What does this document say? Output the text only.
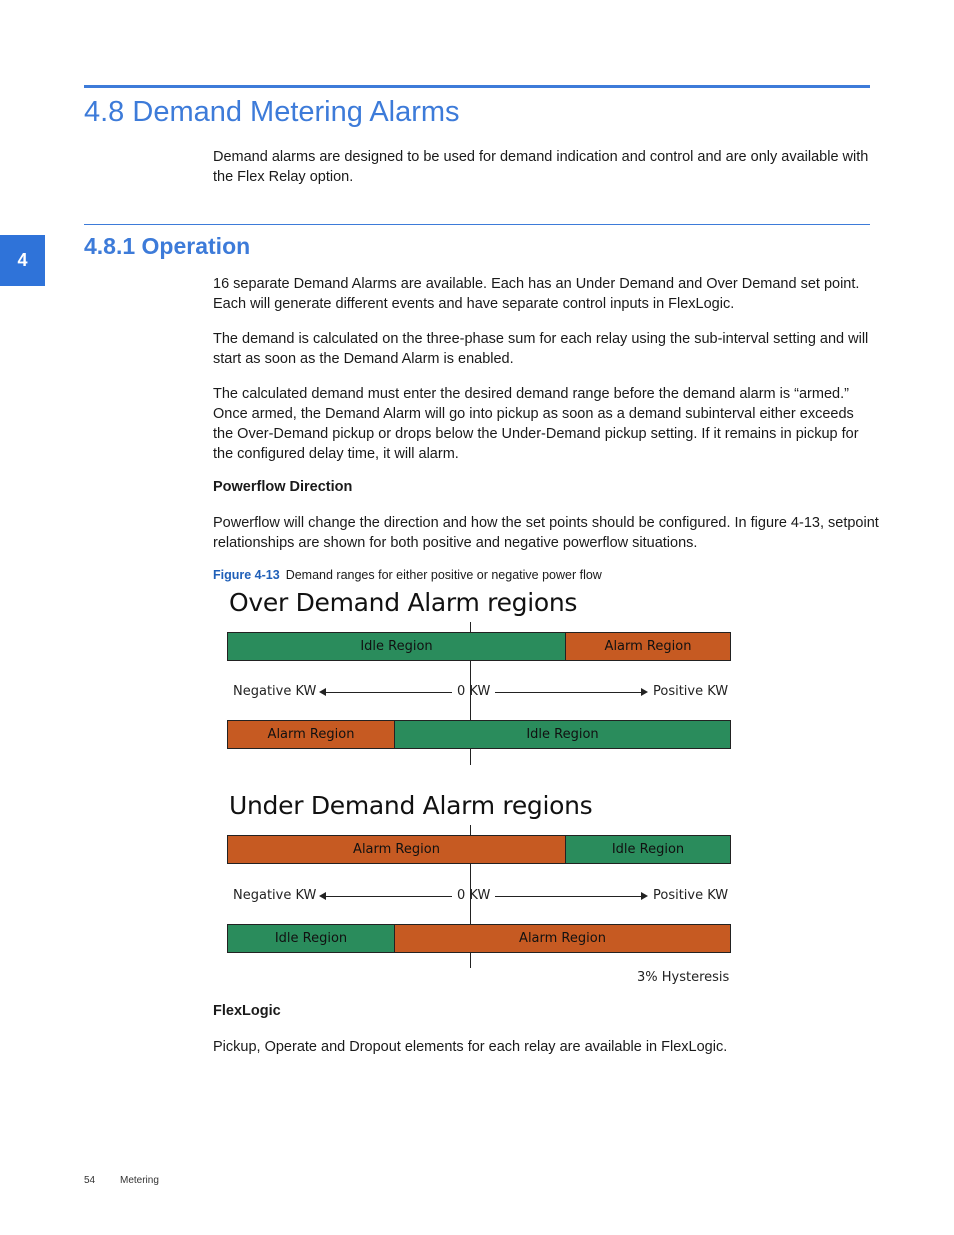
4.8 Demand Metering Alarms

Demand alarms are designed to be used for demand indication and control and are only available with the Flex Relay option.

4
4.8.1 Operation

16 separate Demand Alarms are available. Each has an Under Demand and Over Demand set point. Each will generate different events and have separate control inputs in FlexLogic.

The demand is calculated on the three-phase sum for each relay using the sub-interval setting and will start as soon as the Demand Alarm is enabled.

The calculated demand must enter the desired demand range before the demand alarm is “armed.” Once armed, the Demand Alarm will go into pickup as soon as a demand subinterval either exceeds the Over-Demand pickup or drops below the Under-Demand pickup setting. If it remains in pickup for the configured delay time, it will alarm.

Powerflow Direction

Powerflow will change the direction and how the set points should be configured. In figure 4-13, setpoint relationships are shown for both positive and negative powerflow situations.

Figure 4-13 Demand ranges for either positive or negative power flow
Over Demand Alarm regions
Idle Region	Alarm Region
Negative KW	0 KW	Positive KW
Alarm Region	Idle Region
Under Demand Alarm regions
Alarm Region	Idle Region
Negative KW	0 KW	Positive KW
Idle Region	Alarm Region
3% Hysteresis

FlexLogic

Pickup, Operate and Dropout elements for each relay are available in FlexLogic.

54 Metering
